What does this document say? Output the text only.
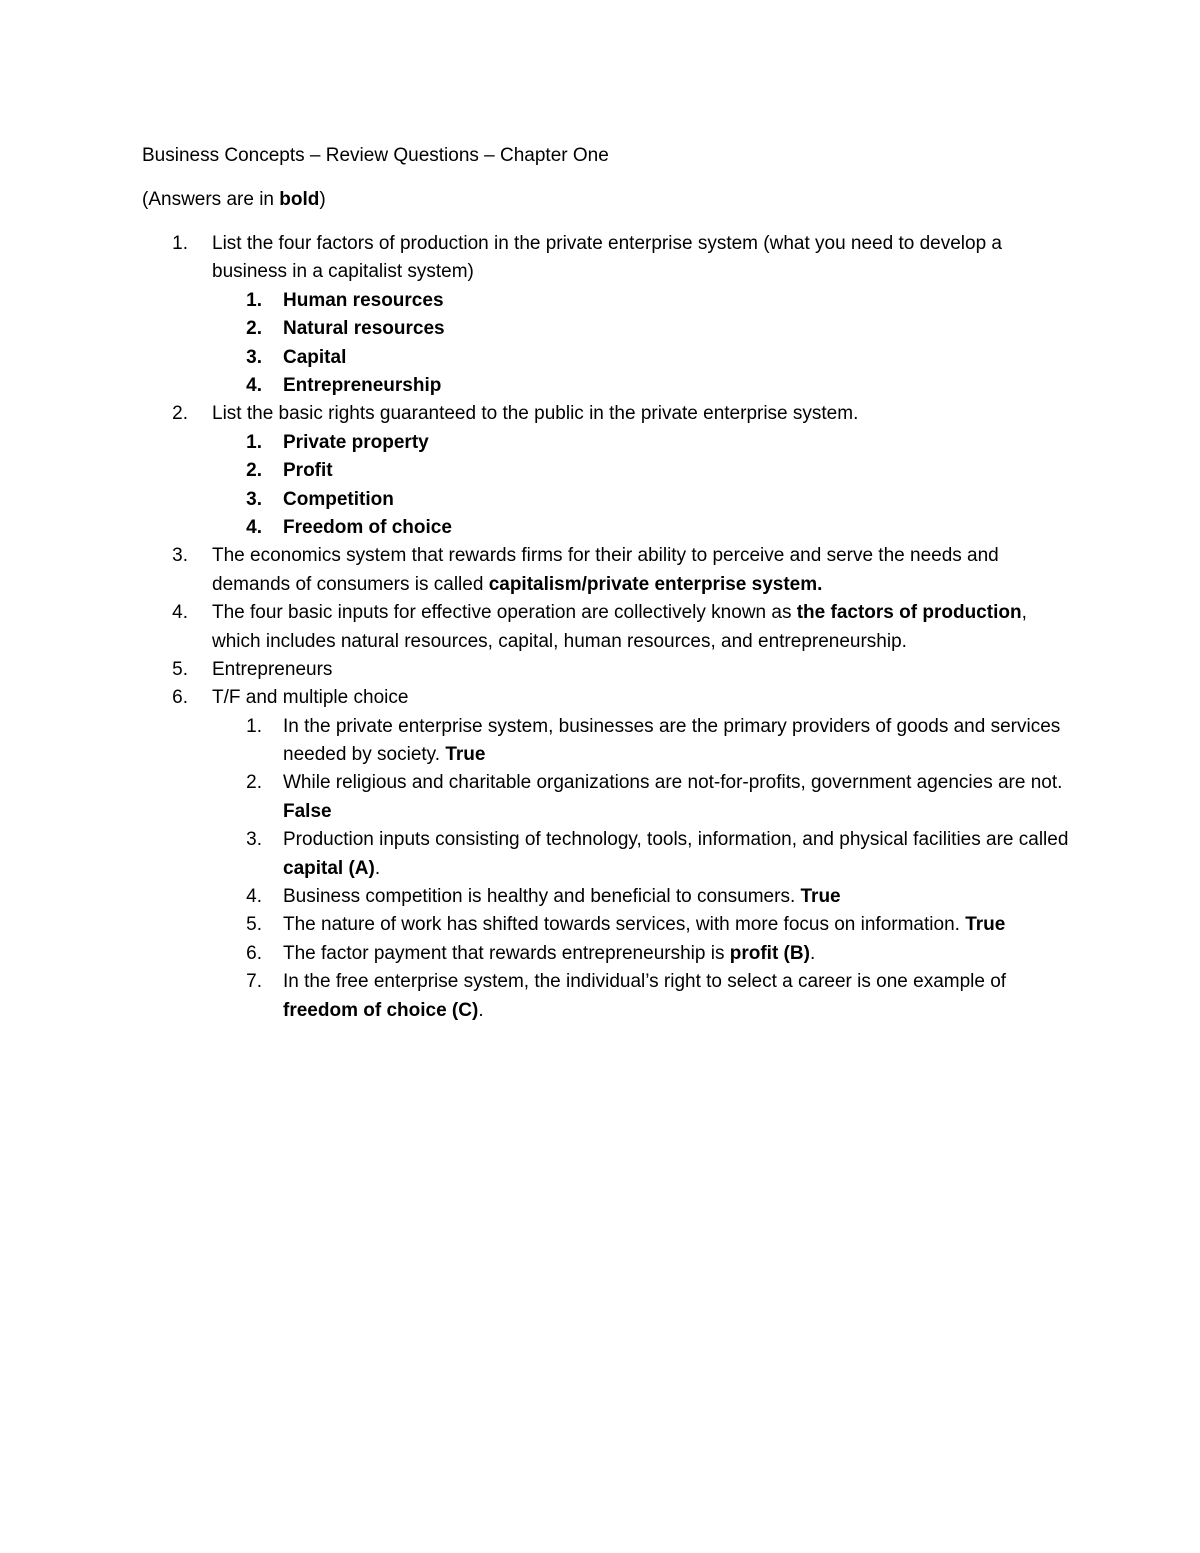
Business Concepts – Review Questions – Chapter One
(Answers are in bold)
1. List the four factors of production in the private enterprise system (what you need to develop a business in a capitalist system)
1. Human resources
2. Natural resources
3. Capital
4. Entrepreneurship
2. List the basic rights guaranteed to the public in the private enterprise system.
1. Private property
2. Profit
3. Competition
4. Freedom of choice
3. The economics system that rewards firms for their ability to perceive and serve the needs and demands of consumers is called capitalism/private enterprise system.
4. The four basic inputs for effective operation are collectively known as the factors of production, which includes natural resources, capital, human resources, and entrepreneurship.
5. Entrepreneurs
6. T/F and multiple choice
1. In the private enterprise system, businesses are the primary providers of goods and services needed by society. True
2. While religious and charitable organizations are not-for-profits, government agencies are not. False
3. Production inputs consisting of technology, tools, information, and physical facilities are called capital (A).
4. Business competition is healthy and beneficial to consumers. True
5. The nature of work has shifted towards services, with more focus on information. True
6. The factor payment that rewards entrepreneurship is profit (B).
7. In the free enterprise system, the individual’s right to select a career is one example of freedom of choice (C).
